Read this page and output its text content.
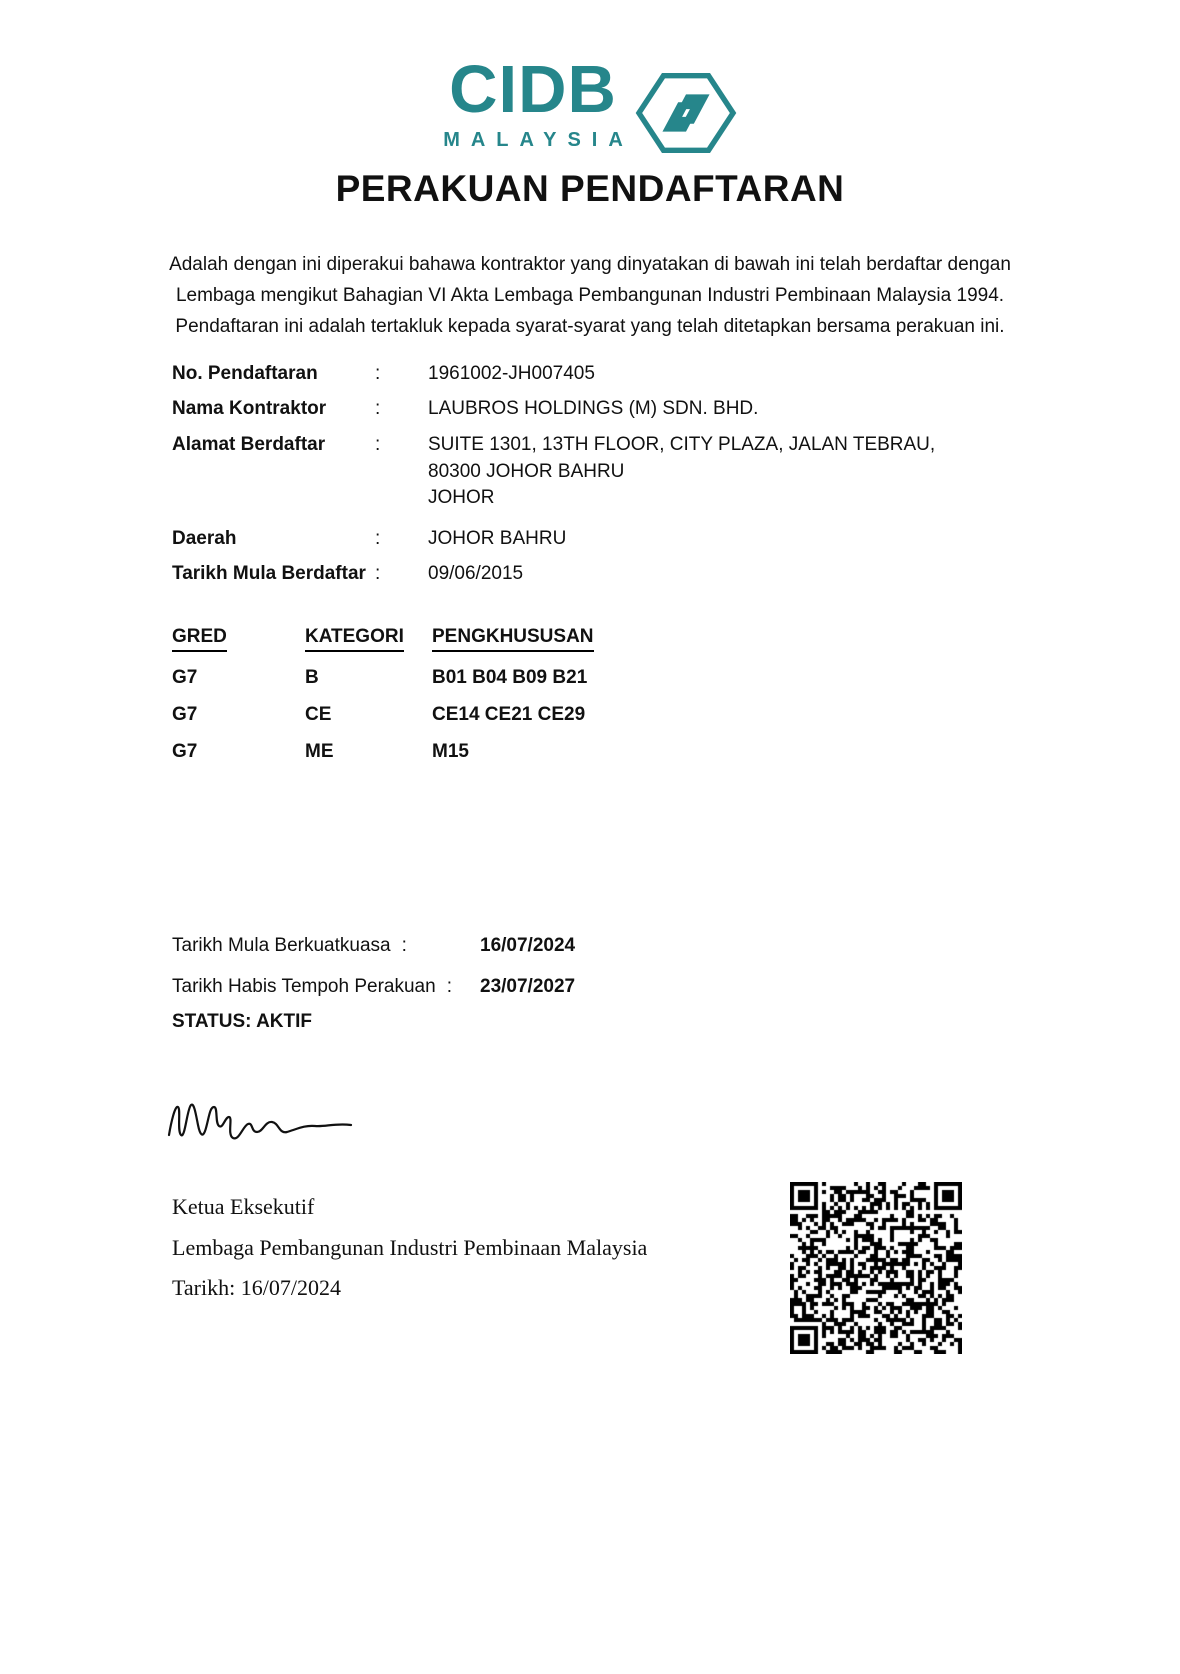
CIDB
MALAYSIA
PERAKUAN PENDAFTARAN
Adalah dengan ini diperakui bahawa kontraktor yang dinyatakan di bawah ini telah berdaftar dengan
Lembaga mengikut Bahagian VI Akta Lembaga Pembangunan Industri Pembinaan Malaysia 1994.
Pendaftaran ini adalah tertakluk kepada syarat-syarat yang telah ditetapkan bersama perakuan ini.
No. Pendaftaran	:	1961002-JH007405
Nama Kontraktor	:	LAUBROS HOLDINGS (M) SDN. BHD.
Alamat Berdaftar	:	SUITE 1301, 13TH FLOOR, CITY PLAZA, JALAN TEBRAU,
80300 JOHOR BAHRU
JOHOR
Daerah	:	JOHOR BAHRU
Tarikh Mula Berdaftar :	09/06/2015
GRED	KATEGORI	PENGKHUSUSAN
G7	B	B01 B04 B09 B21
G7	CE	CE14 CE21 CE29
G7	ME	M15
Tarikh Mula Berkuatkuasa :	16/07/2024
Tarikh Habis Tempoh Perakuan : 23/07/2027
STATUS: AKTIF
Ketua Eksekutif
Lembaga Pembangunan Industri Pembinaan Malaysia
Tarikh: 16/07/2024
